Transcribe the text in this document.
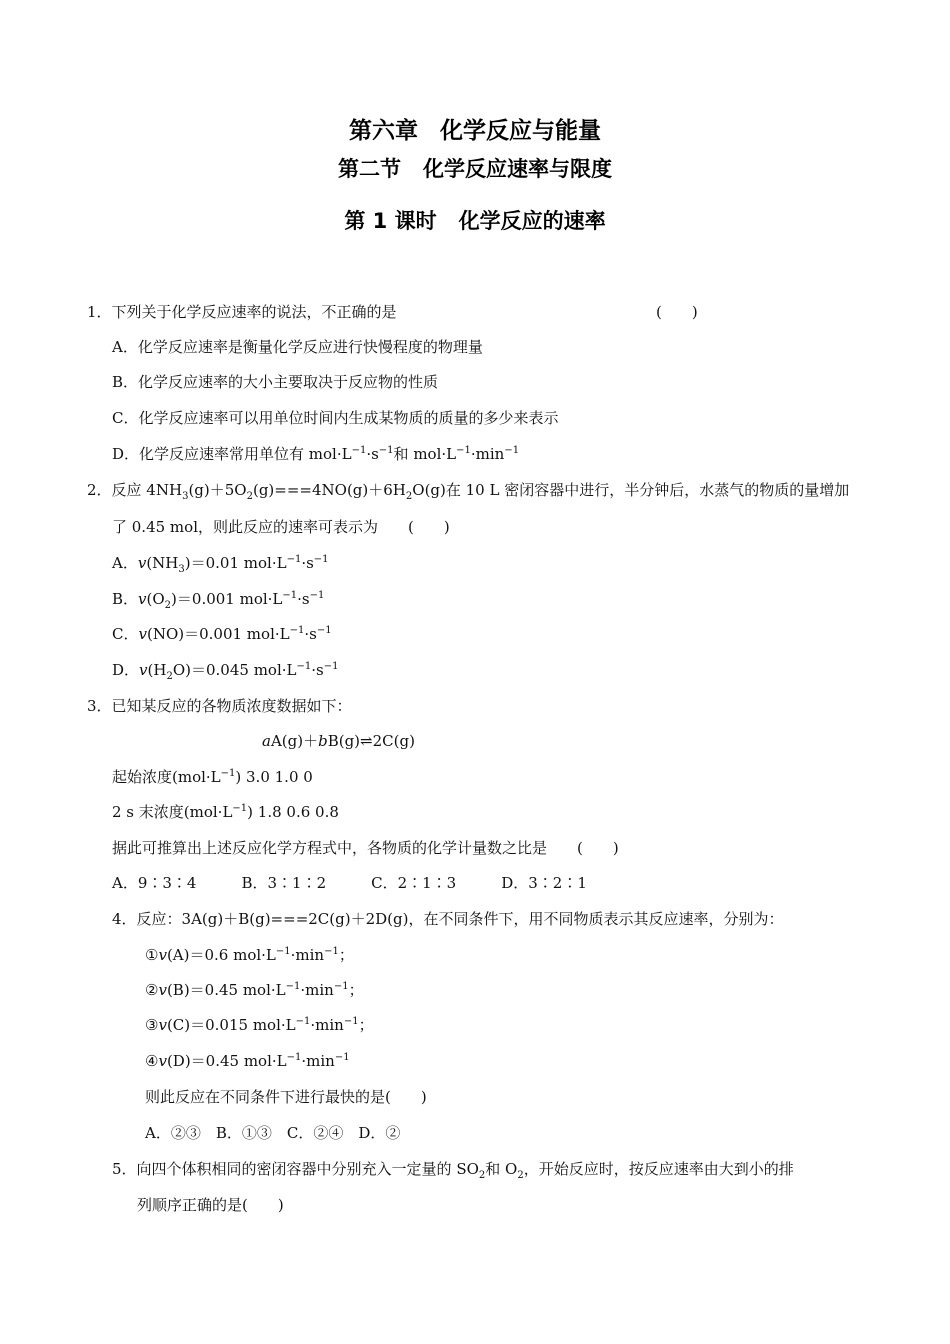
第六章 化学反应与能量
第二节 化学反应速率与限度
第 1 课时 化学反应的速率
1．下列关于化学反应速率的说法，不正确的是	(　　)
A．化学反应速率是衡量化学反应进行快慢程度的物理量
B．化学反应速率的大小主要取决于反应物的性质
C．化学反应速率可以用单位时间内生成某物质的质量的多少来表示
D．化学反应速率常用单位有 $mol\cdot L^{-1}\cdot s^{-1}$和 $mol\cdot L^{-1}\cdot\min^{-1}$
2．反应 $4NH_3(g)+5O_2(g)===4NO(g)+6H_2O(g)$在 10 L 密闭容器中进行，半分钟后，水蒸气的物质的量增加
了 0.45 mol，则此反应的速率可表示为　　(　　)
A．$v(NH_3)=0.01$ $mol\cdot L^{-1}\cdot s^{-1}$
B．$v(O_2)=0.001$ $mol\cdot L^{-1}\cdot s^{-1}$
C．v(NO)＝0.001 $mol\cdot L^{-1}\cdot s^{-1}$
D．$v(H_2O)=0.045$ $mol\cdot L^{-1}\cdot s^{-1}$
3．已知某反应的各物质浓度数据如下：
aA(g)＋bB(g)⇌2C(g)
起始浓度$(mol\cdot L^{-1})$ 3.0 1.0 0
2 s 末浓度$(mol\cdot L^{-1})$ 1.8 0.6 0.8
据此可推算出上述反应化学方程式中，各物质的化学计量数之比是　　(　　)
A．9∶3∶4　　　B．3∶1∶2　　　C．2∶1∶3　　　D．3∶2∶1
4．反应：3A(g)＋B(g)===2C(g)＋2D(g)，在不同条件下，用不同物质表示其反应速率，分别为：
①v(A)＝0.6 $mol\cdot L^{-1}\cdot\min^{-1}$；
②v(B)＝0.45 $mol\cdot L^{-1}\cdot\min^{-1}$；
③v(C)＝0.015 $mol\cdot L^{-1}\cdot\min^{-1}$；
④v(D)＝0.45 $mol\cdot L^{-1}\cdot\min^{-1}$
则此反应在不同条件下进行最快的是(　　)
A．②③　B．①③　C．②④　D．②
5．向四个体积相同的密闭容器中分别充入一定量的 $SO_2$和 $O_2$，开始反应时，按反应速率由大到小的排
列顺序正确的是(　　)
